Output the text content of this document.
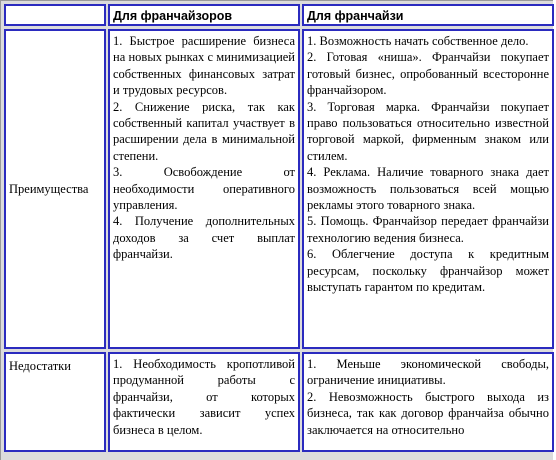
Для франчайзоров	Для франчайзи
Преимущества

1. Быстрое расширение бизнеса на новых рынках с минимизацией собственных финансовых затрат и трудовых ресурсов.

2. Снижение риска, так как собственный капитал участвует в расширении дела в минимальной степени.

3. Освобождение от необходимости оперативного управления.

4. Получение дополнительных доходов за счет выплат франчайзи.

1. Возможность начать собственное дело.

2. Готовая «ниша». Франчайзи покупает готовый бизнес, опробованный всесторонне франчайзором.

3. Торговая марка. Франчайзи покупает право пользоваться относительно известной торговой маркой, фирменным знаком или стилем.

4. Реклама. Наличие товарного знака дает возможность пользоваться всей мощью рекламы этого товарного знака.

5. Помощь. Франчайзор передает франчайзи технологию ведения бизнеса.

6. Облегчение доступа к кредитным ресурсам, поскольку франчайзор может выступать гарантом по кредитам.

Недостатки	1. Необходимость кропотливой продуманной работы с франчайзи, от которых фактически зависит успех бизнеса в целом.

1. Меньше экономической свободы, ограничение инициативы.

2. Невозможность быстрого выхода из бизнеса, так как договор франчайза обычно заключается на относительно
